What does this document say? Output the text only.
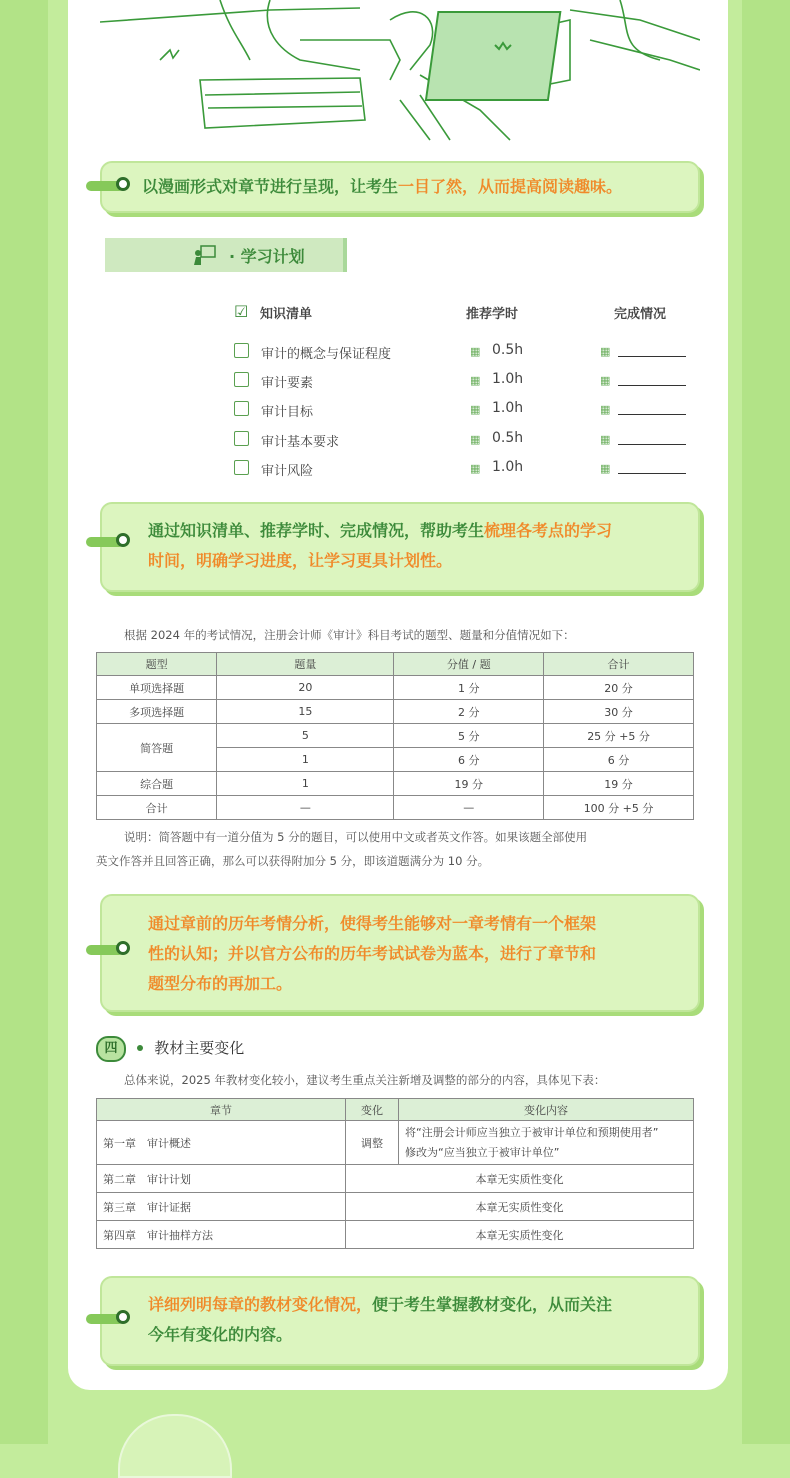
以漫画形式对章节进行呈现，让考生一目了然，从而提高阅读趣味。
· 学习计划
☑ 知识清单	推荐学时	完成情况
审计的概念与保证程度	▦ 0.5h	▦
审计要素	▦ 1.0h	▦
审计目标	▦ 1.0h	▦
审计基本要求	▦ 0.5h	▦
审计风险	▦ 1.0h	▦
通过知识清单、推荐学时、完成情况，帮助考生梳理各考点的学习
时间，明确学习进度，让学习更具计划性。
根据 2024 年的考试情况，注册会计师《审计》科目考试的题型、题量和分值情况如下：
题型	题量	分值 / 题	合计
单项选择题	20	1 分	20 分
多项选择题	15	2 分	30 分
简答题	5	5 分	25 分 +5 分
	1	6 分	6 分
综合题	1	19 分	19 分
合计	—	—	100 分 +5 分
说明：简答题中有一道分值为 5 分的题目，可以使用中文或者英文作答。如果该题全部使用
英文作答并且回答正确，那么可以获得附加分 5 分，即该道题满分为 10 分。
通过章前的历年考情分析，使得考生能够对一章考情有一个框架
性的认知；并以官方公布的历年考试试卷为蓝本，进行了章节和
题型分布的再加工。
四 教材主要变化
总体来说，2025 年教材变化较小，建议考生重点关注新增及调整的部分的内容，具体见下表：
章节	变化	变化内容
第一章　审计概述	调整	将“注册会计师应当独立于被审计单位和预期使用者”
修改为“应当独立于被审计单位”
第二章　审计计划	本章无实质性变化	
第三章　审计证据	本章无实质性变化	
第四章　审计抽样方法	本章无实质性变化	
详细列明每章的教材变化情况，便于考生掌握教材变化，从而关注
今年有变化的内容。
